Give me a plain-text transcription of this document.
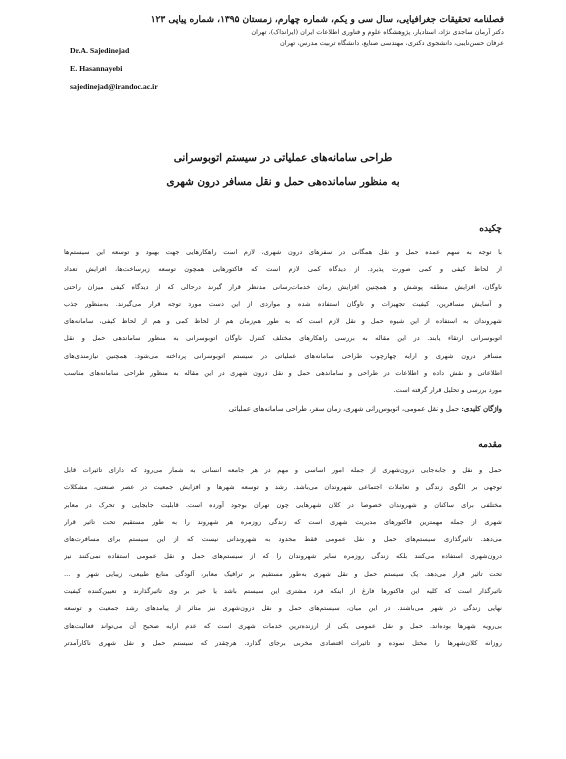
فصلنامه تحقیقات جغرافیایی، سال سی و یکم، شماره چهارم، زمستان ۱۳۹۵، شماره پیاپی ۱۲۳
دکتر آرمان ساجدی نژاد، استادیار، پژوهشگاه علوم و فناوری اطلاعات ایران (ایرانداک)، تهران
عرفان حسن‌نایبی، دانشجوی دکتری، مهندسی صنایع، دانشگاه تربیت مدرس، تهران
Dr.A. Sajedinejad
E. Hasannayebi
sajedinejad@irandoc.ac.ir
طراحی سامانه‌های عملیاتی در سیستم اتوبوسرانی
به منظور سامانده‌هی حمل و نقل مسافر درون شهری
چکیده
با توجه به سهم عمده حمل و نقل همگانی در سفرهای درون شهری، لازم است راهکارهایی جهت بهبود و توسعه این سیستم‌ها
از لحاظ کیفی و کمی صورت پذیرد. از دیدگاه کمی لازم است که فاکتورهایی همچون توسعه زیرساخت‌ها، افزایش تعداد
ناوگان، افزایش منطقه پوشش و همچنین افزایش زمان خدمات‌رسانی مدنظر قرار گیرند درحالی که از دیدگاه کیفی میزان راحتی
و آسایش مسافرین، کیفیت تجهیزات و ناوگان استفاده شده و مواردی از این دست مورد توجه قرار می‌گیرند. به‌منظور جذب
شهروندان به استفاده از این شیوه حمل و نقل لازم است که به طور هم‌زمان هم از لحاظ کمی و هم از لحاظ کیفی، سامانه‌های
اتوبوسرانی ارتقاء یابند. در این مقاله به بررسی راهکارهای مختلف کنترل ناوگان اتوبوسرانی به منظور ساماندهی حمل و نقل
مسافر درون شهری و ارایه چهارچوب طراحی سامانه‌های عملیاتی در سیستم اتوبوسرانی پرداخته می‌شود. همچنین نیازمندی‌های
اطلاعاتی و نقش داده و اطلاعات در طراحی و ساماندهی حمل و نقل درون شهری در این مقاله به منظور طراحی سامانه‌های مناسب
مورد بررسی و تحلیل قرار گرفته است.
واژگان کلیدی: حمل و نقل عمومی، اتوبوس‌رانی شهری، زمان سفر، طراحی سامانه‌های عملیاتی
مقدمه
حمل و نقل و جابه‌جایی درون‌شهری از جمله امور اساسی و مهم در هر جامعه انسانی به شمار می‌رود که دارای تاثیرات قابل
توجهی بر الگوی زندگی و تعاملات اجتماعی شهروندان می‌باشد. رشد و توسعه شهرها و افزایش جمعیت در عصر صنعتی، مشکلات
مختلفی برای ساکنان و شهروندان خصوصا در کلان شهرهایی چون تهران بوجود آورده است. قابلیت جابجایی و تحرک در معابر
شهری از جمله مهمترین فاکتورهای مدیریت شهری است که زندگی روزمره هر شهروند را به طور مستقیم تحت تاثیر قرار
می‌دهد. تاثیرگذاری سیستم‌های حمل و نقل عمومی فقط محدود به شهروندانی نیست که از این سیستم برای مسافرت‌های
درون‌شهری استفاده می‌کنند بلکه زندگی روزمره سایر شهروندان را که از سیستم‌های حمل و نقل عمومی استفاده نمی‌کنند نیز
تحت تاثیر قرار می‌دهد. یک سیستم حمل و نقل شهری به‌طور مستقیم بر ترافیک معابر، آلودگی منابع طبیعی، زیبایی شهر و ...
تاثیرگذار است که کلیه این فاکتورها فارغ از اینکه فرد مشتری این سیستم باشد یا خیر بر وی تاثیرگذارند و تعیین‌کننده کیفیت
نهایی زندگی در شهر می‌باشند. در این میان، سیستم‌های حمل و نقل درون‌شهری نیز متاثر از پیامدهای رشد جمعیت و توسعه
بی‌رویه شهرها بوده‌اند. حمل و نقل عمومی یکی از ارزنده‌ترین خدمات شهری است که عدم ارایه صحیح آن می‌تواند فعالیت‌های
روزانه کلان‌شهرها را مختل نموده و تاثیرات اقتصادی مخربی برجای گذارد. هرچقدر که سیستم حمل و نقل شهری ناکارآمدتر
